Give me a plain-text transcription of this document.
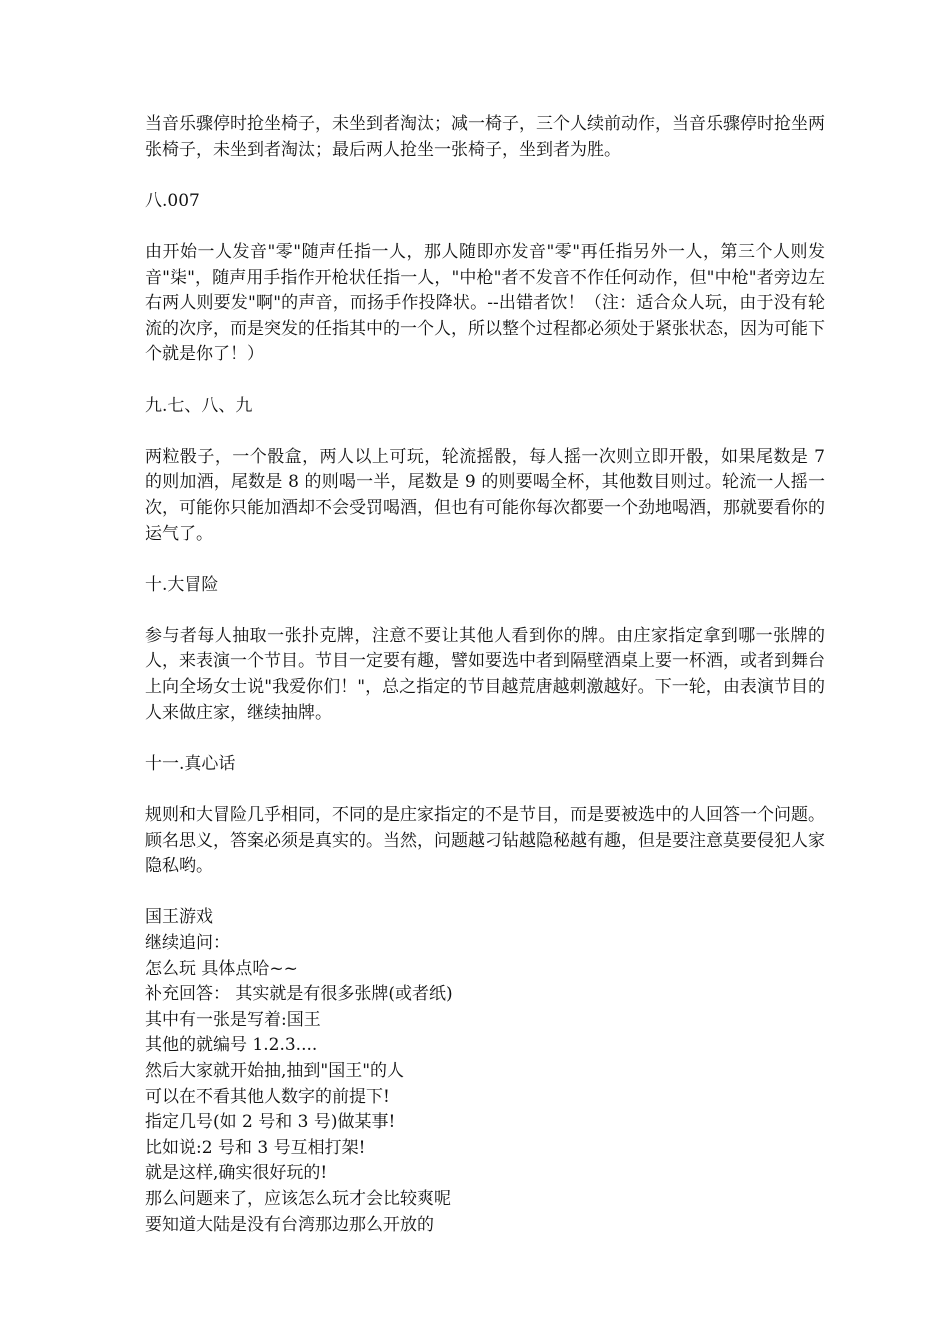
当音乐骤停时抢坐椅子，未坐到者淘汰；减一椅子，三个人续前动作，当音乐骤停时抢坐两张椅子，未坐到者淘汰；最后两人抢坐一张椅子，坐到者为胜。

八.007

由开始一人发音"零"随声任指一人，那人随即亦发音"零"再任指另外一人，第三个人则发　音"柒"，随声用手指作开枪状任指一人，"中枪"者不发音不作任何动作，但"中枪"者旁边左右两人则要发"啊"的声音，而扬手作投降状。--出错者饮！（注：适合众人玩，由于没有轮流的次序，而是突发的任指其中的一个人，所以整个过程都必须处于紧张状态，因为可能下个就是你了！）

九.七、八、九

两粒骰子，一个骰盒，两人以上可玩，轮流摇骰，每人摇一次则立即开骰，如果尾数是 7 的则加酒，尾数是 8 的则喝一半，尾数是 9 的则要喝全杯，其他数目则过。轮流一人摇一次，可能你只能加酒却不会受罚喝酒，但也有可能你每次都要一个劲地喝酒，那就要看你的运气了。

十.大冒险

参与者每人抽取一张扑克牌，注意不要让其他人看到你的牌。由庄家指定拿到哪一张牌的人，来表演一个节目。节目一定要有趣，譬如要选中者到隔壁酒桌上要一杯酒，或者到舞台上向全场女士说"我爱你们！"，总之指定的节目越荒唐越刺激越好。下一轮，由表演节目的人来做庄家，继续抽牌。

十一.真心话

规则和大冒险几乎相同，不同的是庄家指定的不是节目，而是要被选中的人回答一个问题。顾名思义，答案必须是真实的。当然，问题越刁钻越隐秘越有趣，但是要注意莫要侵犯人家隐私哟。

国王游戏
继续追问：
怎么玩 具体点哈~~
补充回答： 其实就是有很多张牌(或者纸)
其中有一张是写着:国王
其他的就编号 1.2.3....
然后大家就开始抽,抽到"国王"的人
可以在不看其他人数字的前提下!
指定几号(如 2 号和 3 号)做某事!
比如说:2 号和 3 号互相打架!
就是这样,确实很好玩的!
那么问题来了，应该怎么玩才会比较爽呢
要知道大陆是没有台湾那边那么开放的
